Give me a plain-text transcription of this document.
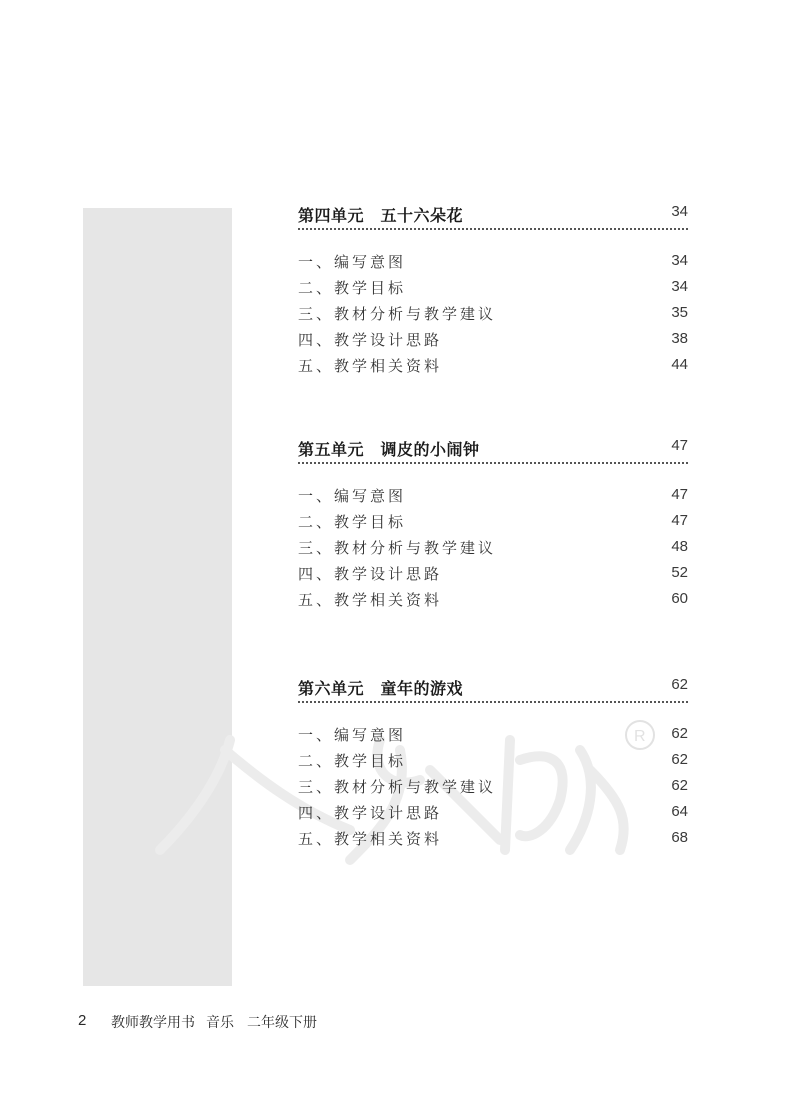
R
第四单元　五十六朵花	34
一、编写意图	34
二、教学目标	34
三、教材分析与教学建议	35
四、教学设计思路	38
五、教学相关资料	44
第五单元　调皮的小闹钟	47
一、编写意图	47
二、教学目标	47
三、教材分析与教学建议	48
四、教学设计思路	52
五、教学相关资料	60
第六单元　童年的游戏	62
一、编写意图	62
二、教学目标	62
三、教材分析与教学建议	62
四、教学设计思路	64
五、教学相关资料	68
2 教师教学用书 音乐 二年级下册
